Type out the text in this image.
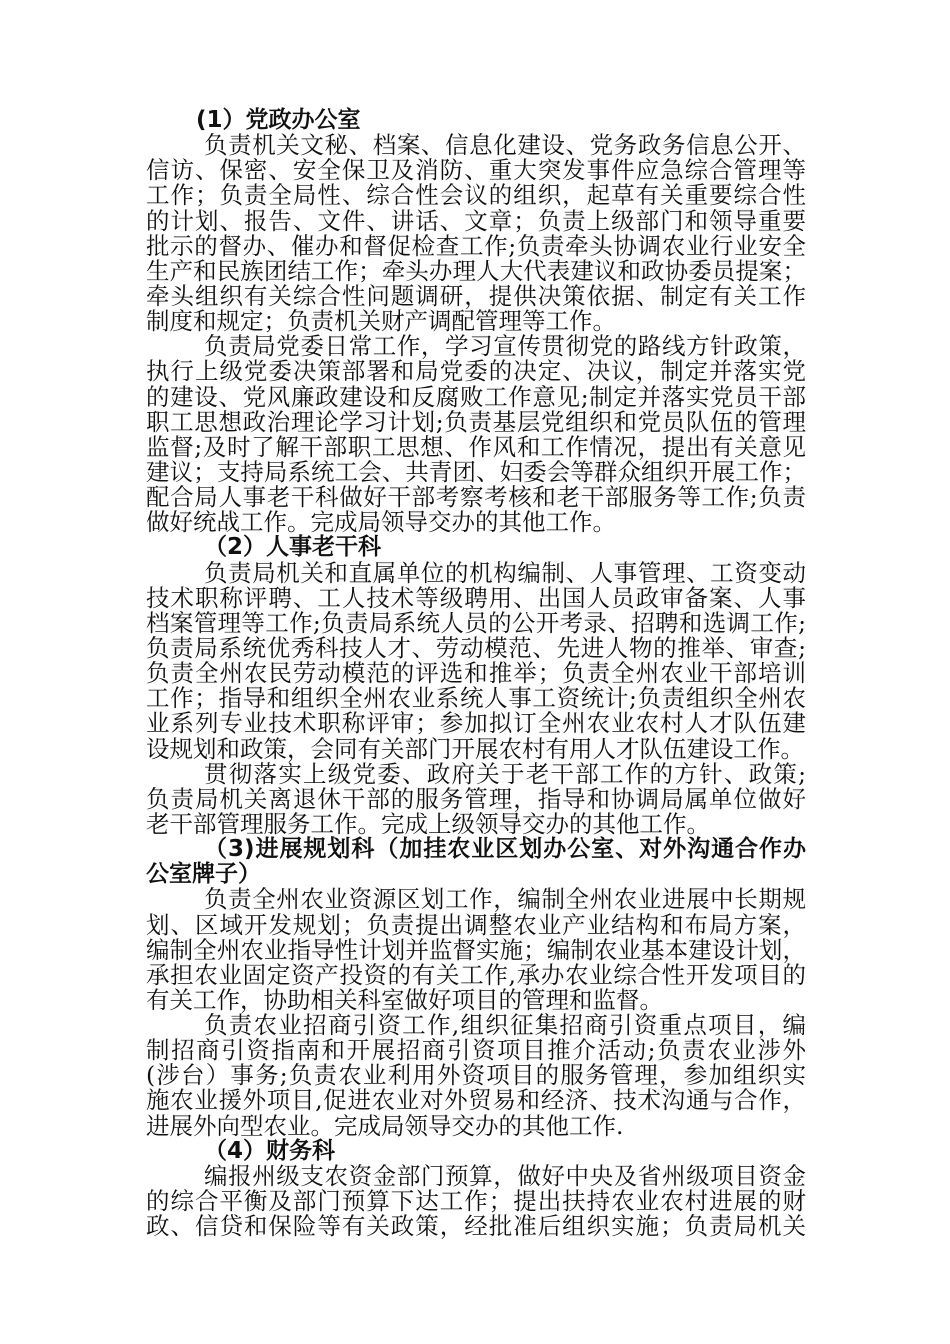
(1）党政办公室
负责机关文秘、档案、信息化建设、党务政务信息公开、
信访、保密、安全保卫及消防、重大突发事件应急综合管理等
工作；负责全局性、综合性会议的组织，起草有关重要综合性
的计划、报告、文件、讲话、文章；负责上级部门和领导重要
批示的督办、催办和督促检查工作;负责牵头协调农业行业安全
生产和民族团结工作；牵头办理人大代表建议和政协委员提案；
牵头组织有关综合性问题调研，提供决策依据、制定有关工作
制度和规定；负责机关财产调配管理等工作。
负责局党委日常工作，学习宣传贯彻党的路线方针政策，
执行上级党委决策部署和局党委的决定、决议，制定并落实党
的建设、党风廉政建设和反腐败工作意见;制定并落实党员干部
职工思想政治理论学习计划;负责基层党组织和党员队伍的管理
监督;及时了解干部职工思想、作风和工作情况，提出有关意见
建议；支持局系统工会、共青团、妇委会等群众组织开展工作；
配合局人事老干科做好干部考察考核和老干部服务等工作;负责
做好统战工作。完成局领导交办的其他工作。
（2）人事老干科
负责局机关和直属单位的机构编制、人事管理、工资变动
技术职称评聘、工人技术等级聘用、出国人员政审备案、人事
档案管理等工作;负责局系统人员的公开考录、招聘和选调工作;
负责局系统优秀科技人才、劳动模范、先进人物的推举、审查;
负责全州农民劳动模范的评选和推举；负责全州农业干部培训
工作；指导和组织全州农业系统人事工资统计;负责组织全州农
业系列专业技术职称评审；参加拟订全州农业农村人才队伍建
设规划和政策，会同有关部门开展农村有用人才队伍建设工作。
贯彻落实上级党委、政府关于老干部工作的方针、政策;
负责局机关离退休干部的服务管理，指导和协调局属单位做好
老干部管理服务工作。完成上级领导交办的其他工作。
（3)进展规划科（加挂农业区划办公室、对外沟通合作办
公室牌子）
负责全州农业资源区划工作，编制全州农业进展中长期规
划、区域开发规划；负责提出调整农业产业结构和布局方案，
编制全州农业指导性计划并监督实施；编制农业基本建设计划，
承担农业固定资产投资的有关工作,承办农业综合性开发项目的
有关工作，协助相关科室做好项目的管理和监督。
负责农业招商引资工作,组织征集招商引资重点项目，编
制招商引资指南和开展招商引资项目推介活动;负责农业涉外
(涉台）事务;负责农业利用外资项目的服务管理，参加组织实
施农业援外项目,促进农业对外贸易和经济、技术沟通与合作，
进展外向型农业。完成局领导交办的其他工作.
（4）财务科
编报州级支农资金部门预算，做好中央及省州级项目资金
的综合平衡及部门预算下达工作；提出扶持农业农村进展的财
政、信贷和保险等有关政策，经批准后组织实施；负责局机关
